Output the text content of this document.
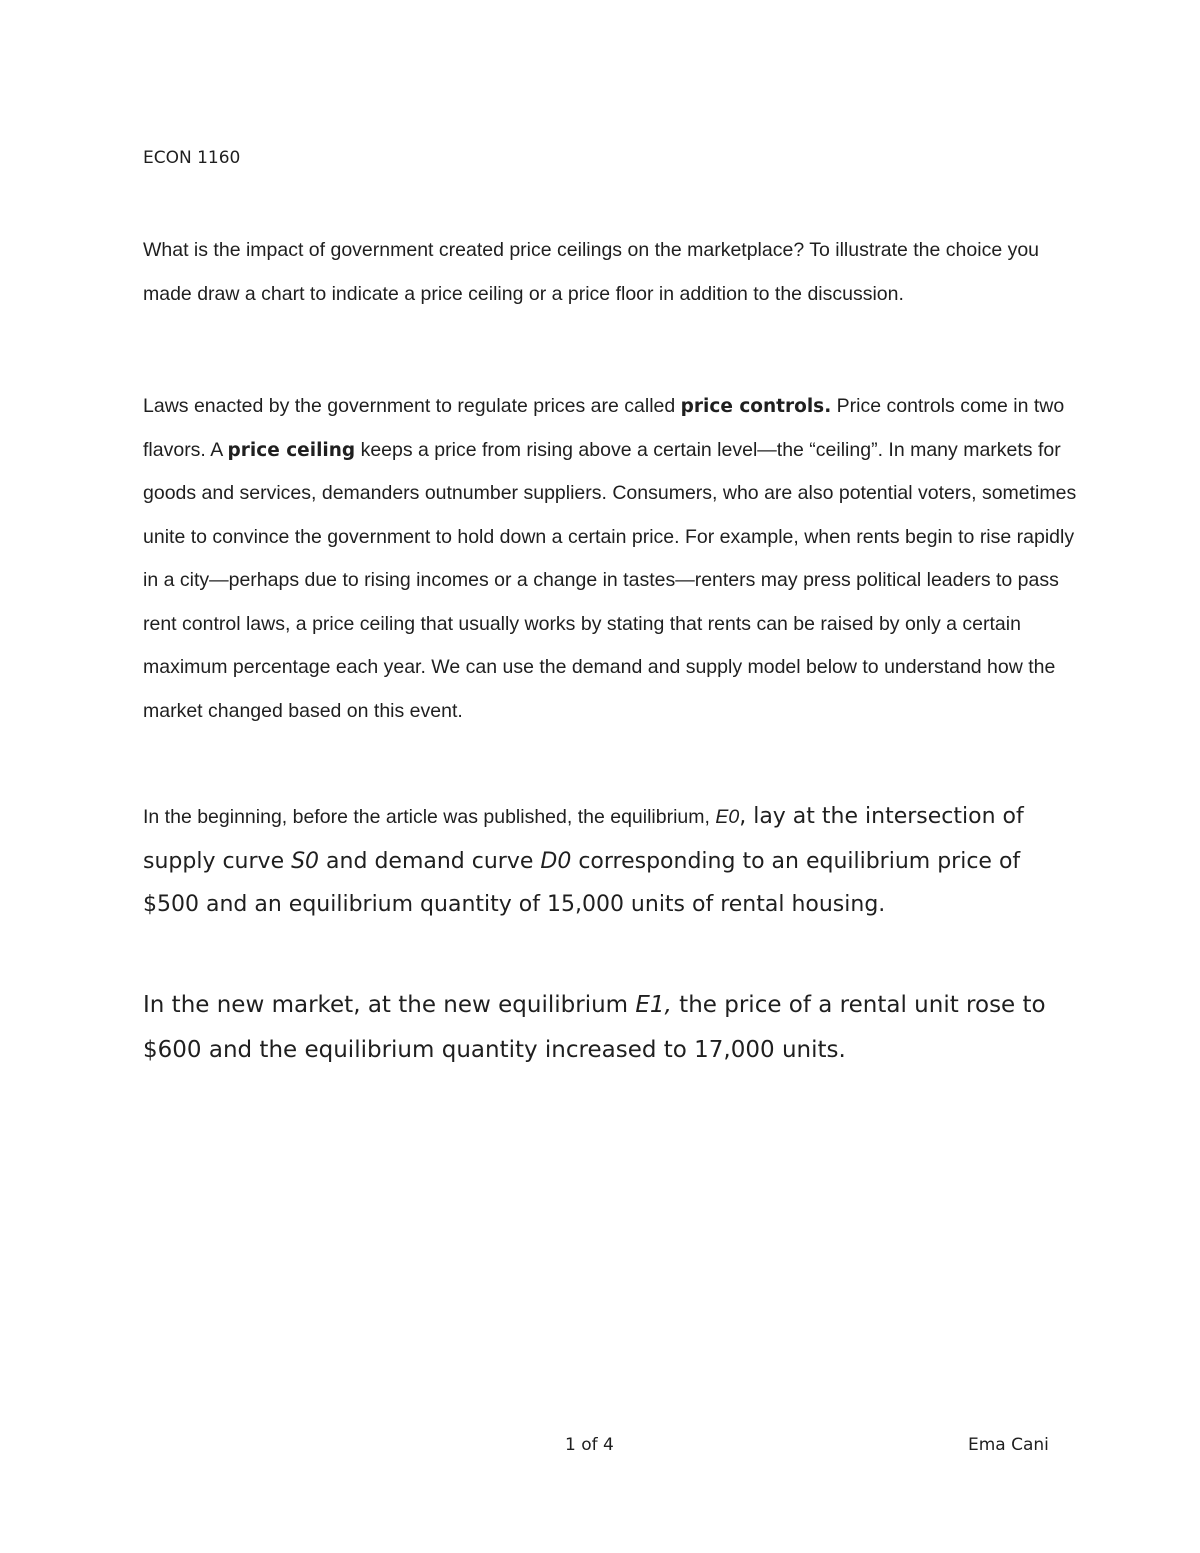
ECON 1160

What is the impact of government created price ceilings on the marketplace? To illustrate the choice you made draw a chart to indicate a price ceiling or a price floor in addition to the discussion.

Laws enacted by the government to regulate prices are called price controls. Price controls come in two flavors. A price ceiling keeps a price from rising above a certain level—the “ceiling”. In many markets for goods and services, demanders outnumber suppliers. Consumers, who are also potential voters, sometimes unite to convince the government to hold down a certain price. For example, when rents begin to rise rapidly in a city—perhaps due to rising incomes or a change in tastes—renters may press political leaders to pass rent control laws, a price ceiling that usually works by stating that rents can be raised by only a certain maximum percentage each year. We can use the demand and supply model below to understand how the market changed based on this event.

In the beginning, before the article was published, the equilibrium, E0, lay at the intersection of supply curve S0 and demand curve D0 corresponding to an equilibrium price of $500 and an equilibrium quantity of 15,000 units of rental housing.

In the new market, at the new equilibrium E1, the price of a rental unit rose to $600 and the equilibrium quantity increased to 17,000 units.

1 of 4	Ema Cani
